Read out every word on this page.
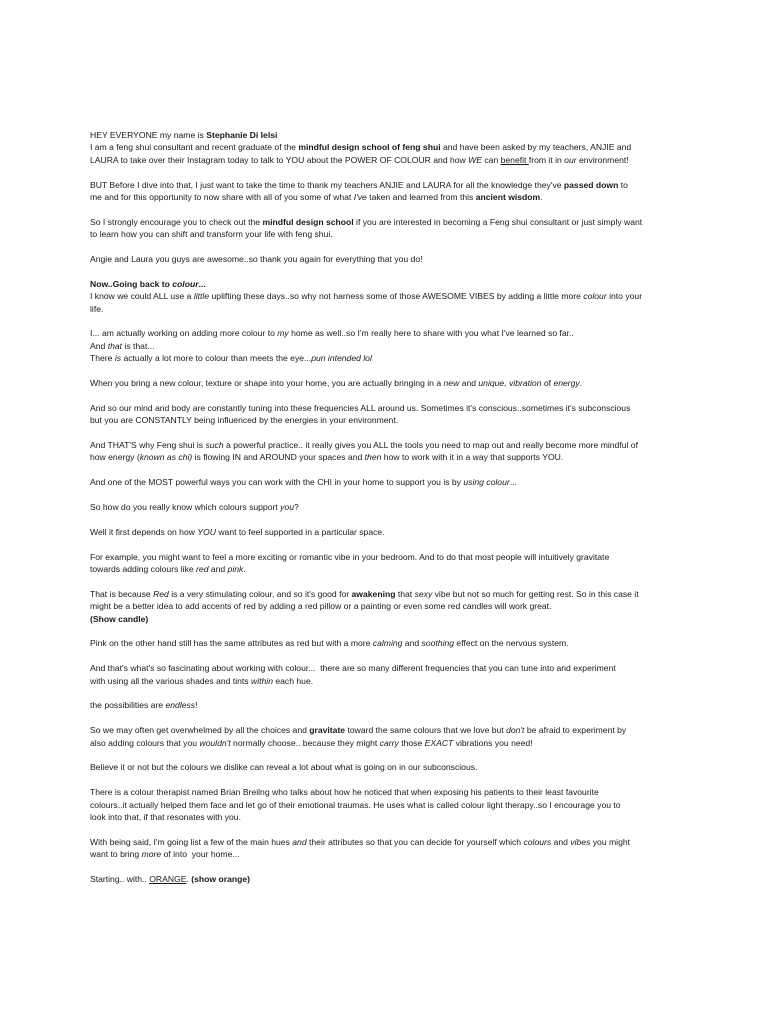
HEY EVERYONE my name is Stephanie Di Ielsi
I am a feng shui consultant and recent graduate of the mindful design school of feng shui and have been asked by my teachers, ANJIE and
LAURA to take over their Instagram today to talk to YOU about the POWER OF COLOUR and how WE can benefit from it in our environment!
BUT Before I dive into that, I just want to take the time to thank my teachers ANJIE and LAURA for all the knowledge they've passed down to
me and for this opportunity to now share with all of you some of what I've taken and learned from this ancient wisdom.
So I strongly encourage you to check out the mindful design school if you are interested in becoming a Feng shui consultant or just simply want
to learn how you can shift and transform your life with feng shui.
Angie and Laura you guys are awesome..so thank you again for everything that you do!
Now..Going back to colour...
I know we could ALL use a little uplifting these days..so why not harness some of those AWESOME VIBES by adding a little more colour into your
life.
I... am actually working on adding more colour to my home as well..so I'm really here to share with you what I've learned so far..
And that is that...
There is actually a lot more to colour than meets the eye...pun intended lol
When you bring a new colour, texture or shape into your home, you are actually bringing in a new and unique, vibration of energy.
And so our mind and body are constantly tuning into these frequencies ALL around us. Sometimes it's conscious..sometimes it's subconscious
but you are CONSTANTLY being influenced by the energies in your environment.
And THAT'S why Feng shui is such a powerful practice.. it really gives you ALL the tools you need to map out and really become more mindful of
how energy (known as chi) is flowing IN and AROUND your spaces and then how to work with it in a way that supports YOU.
And one of the MOST powerful ways you can work with the CHI in your home to support you is by using colour...
So how do you really know which colours support you?
Well it first depends on how YOU want to feel supported in a particular space.
For example, you might want to feel a more exciting or romantic vibe in your bedroom. And to do that most people will intuitively gravitate
towards adding colours like red and pink.
That is because Red is a very stimulating colour, and so it's good for awakening that sexy vibe but not so much for getting rest. So in this case it
might be a better idea to add accents of red by adding a red pillow or a painting or even some red candles will work great.
(Show candle)
Pink on the other hand still has the same attributes as red but with a more calming and soothing effect on the nervous system.
And that's what's so fascinating about working with colour...  there are so many different frequencies that you can tune into and experiment
with using all the various shades and tints within each hue.
the possibilities are endless!
So we may often get overwhelmed by all the choices and gravitate toward the same colours that we love but don't be afraid to experiment by
also adding colours that you wouldn't normally choose.. because they might carry those EXACT vibrations you need!
Believe it or not but the colours we dislike can reveal a lot about what is going on in our subconscious.
There is a colour therapist named Brian Breilng who talks about how he noticed that when exposing his patients to their least favourite
colours..it actually helped them face and let go of their emotional traumas. He uses what is called colour light therapy..so I encourage you to
look into that, if that resonates with you.
With being said, I'm going list a few of the main hues and their attributes so that you can decide for yourself which colours and vibes you might
want to bring more of into  your home...
Starting.. with.. ORANGE. (show orange)
